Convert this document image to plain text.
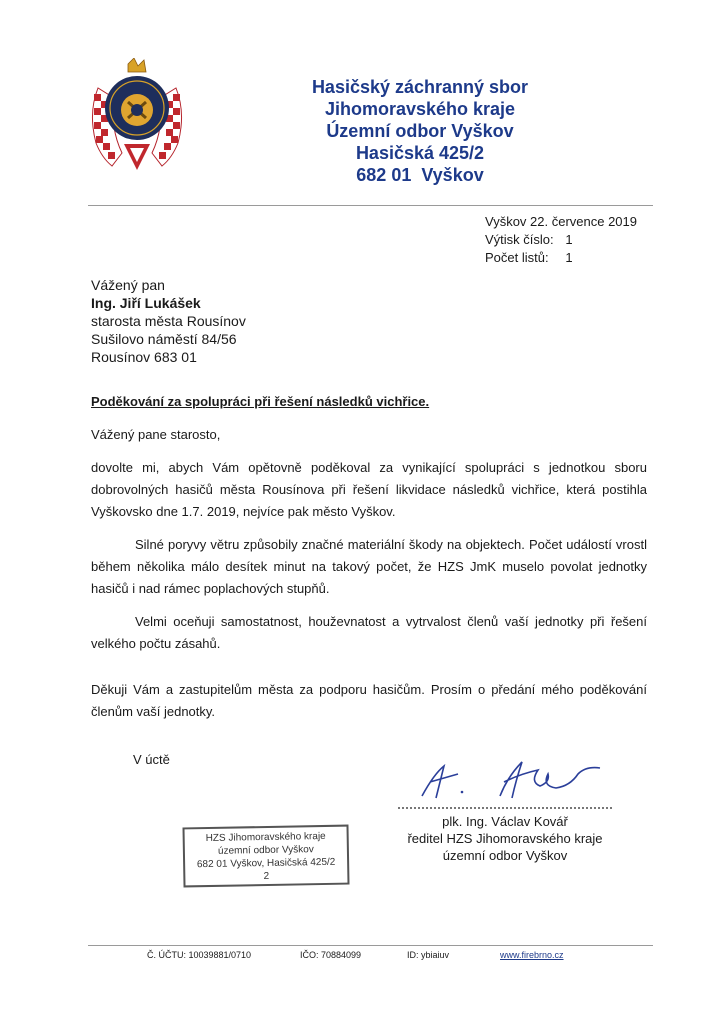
Hasičský záchranný sbor
Jihomoravského kraje
Územní odbor Vyškov
Hasičská 425/2
682 01  Vyškov
Vyškov 22. července 2019
Výtisk číslo: 1
Počet listů: 1
Vážený pan
Ing. Jiří Lukášek
starosta města Rousínov
Sušilovo náměstí 84/56
Rousínov 683 01
Poděkování za spolupráci při řešení následků vichřice.

Vážený pane starosto,

dovolte mi, abych Vám opětovně poděkoval za vynikající spolupráci s jednotkou sboru dobrovolných hasičů města Rousínova při řešení likvidace následků vichřice, která postihla Vyškovsko dne 1.7. 2019, nejvíce pak město Vyškov.

Silné poryvy větru způsobily značné materiální škody na objektech. Počet událostí vrostl během několika málo desítek minut na takový počet, že HZS JmK muselo povolat jednotky hasičů i nad rámec poplachových stupňů.

Velmi oceňuji samostatnost, houževnatost a vytrvalost členů vaší jednotky při řešení velkého počtu zásahů.

Děkuji Vám a zastupitelům města za podporu hasičům. Prosím o předání mého poděkování členům vaší jednotky.

V úctě
plk. Ing. Václav Kovář
ředitel HZS Jihomoravského kraje
územní odbor Vyškov
HZS Jihomoravského kraje
územní odbor Vyškov
682 01 Vyškov, Hasičská 425/2
2
Č. ÚČTU: 10039881/0710	IČO: 70884099	ID: ybiaiuv	www.firebrno.cz
